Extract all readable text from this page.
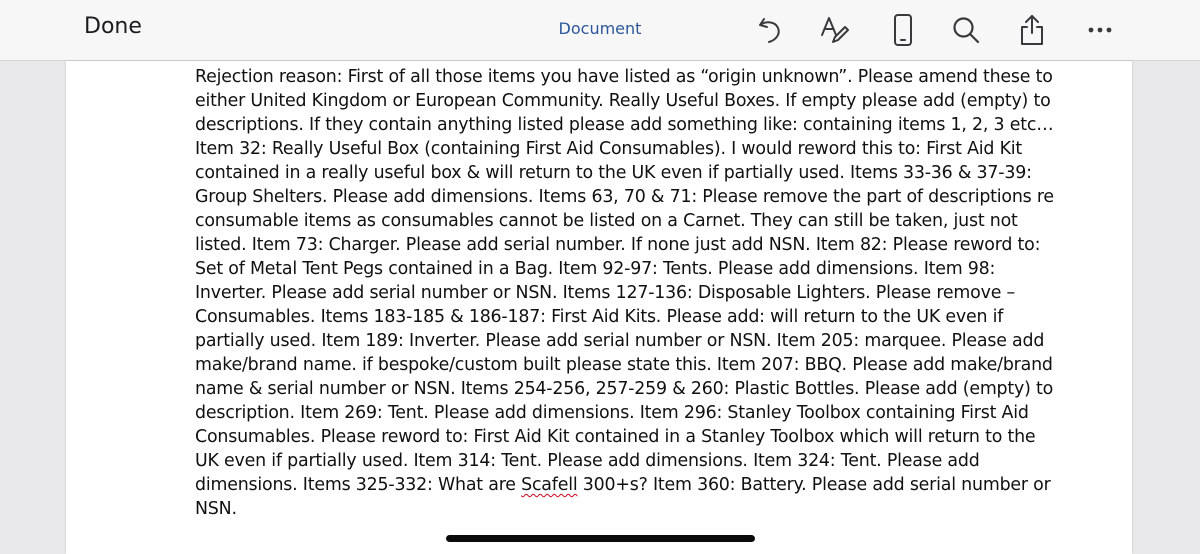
Done	Document
Rejection reason: First of all those items you have listed as “origin unknown”. Please amend these to
either United Kingdom or European Community. Really Useful Boxes. If empty please add (empty) to
descriptions. If they contain anything listed please add something like: containing items 1, 2, 3 etc…
Item 32: Really Useful Box (containing First Aid Consumables). I would reword this to: First Aid Kit
contained in a really useful box & will return to the UK even if partially used. Items 33-36 & 37-39:
Group Shelters. Please add dimensions. Items 63, 70 & 71: Please remove the part of descriptions re
consumable items as consumables cannot be listed on a Carnet. They can still be taken, just not
listed. Item 73: Charger. Please add serial number. If none just add NSN. Item 82: Please reword to:
Set of Metal Tent Pegs contained in a Bag. Item 92-97: Tents. Please add dimensions. Item 98:
Inverter. Please add serial number or NSN. Items 127-136: Disposable Lighters. Please remove –
Consumables. Items 183-185 & 186-187: First Aid Kits. Please add: will return to the UK even if
partially used. Item 189: Inverter. Please add serial number or NSN. Item 205: marquee. Please add
make/brand name. if bespoke/custom built please state this. Item 207: BBQ. Please add make/brand
name & serial number or NSN. Items 254-256, 257-259 & 260: Plastic Bottles. Please add (empty) to
description. Item 269: Tent. Please add dimensions. Item 296: Stanley Toolbox containing First Aid
Consumables. Please reword to: First Aid Kit contained in a Stanley Toolbox which will return to the
UK even if partially used. Item 314: Tent. Please add dimensions. Item 324: Tent. Please add
dimensions. Items 325-332: What are Scafell 300+s? Item 360: Battery. Please add serial number or
NSN.
